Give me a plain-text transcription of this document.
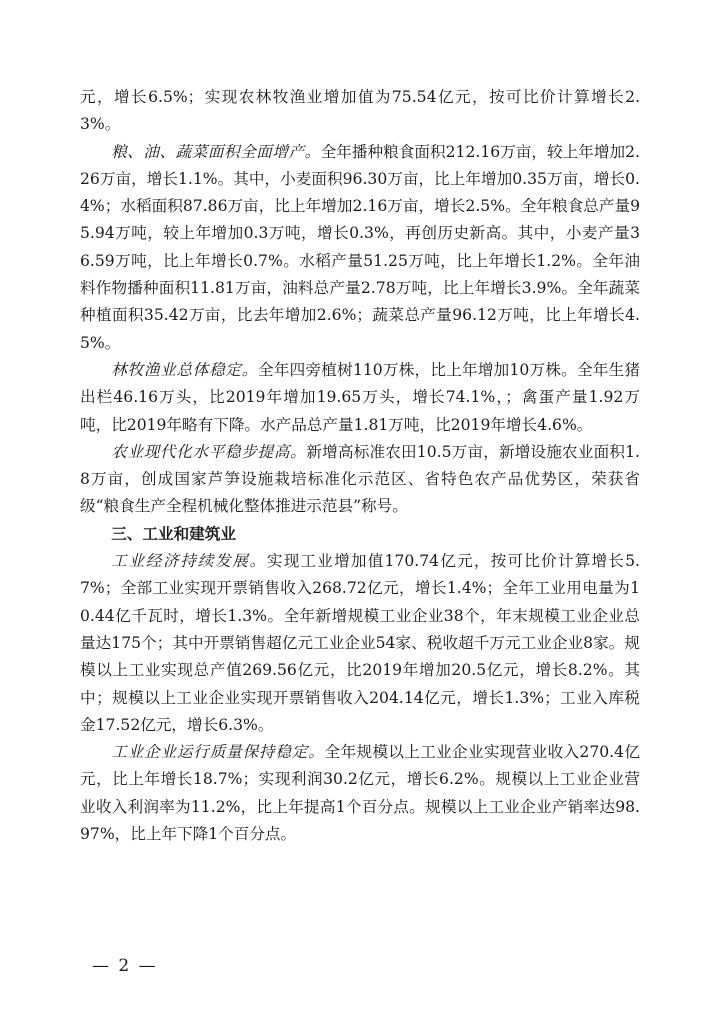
元，增长6.5%；实现农林牧渔业增加值为75.54亿元，按可比价计算增长2.3%。

粮、油、蔬菜面积全面增产。全年播种粮食面积212.16万亩，较上年增加2.26万亩，增长1.1%。其中，小麦面积96.30万亩，比上年增加0.35万亩，增长0.4%；水稻面积87.86万亩，比上年增加2.16万亩，增长2.5%。全年粮食总产量95.94万吨，较上年增加0.3万吨，增长0.3%，再创历史新高。其中，小麦产量36.59万吨，比上年增长0.7%。水稻产量51.25万吨，比上年增长1.2%。全年油料作物播种面积11.81万亩，油料总产量2.78万吨，比上年增长3.9%。全年蔬菜种植面积35.42万亩，比去年增加2.6%；蔬菜总产量96.12万吨，比上年增长4.5%。

林牧渔业总体稳定。全年四旁植树110万株，比上年增加10万株。全年生猪出栏46.16万头，比2019年增加19.65万头，增长74.1%，；禽蛋产量1.92万吨，比2019年略有下降。水产品总产量1.81万吨，比2019年增长4.6%。

农业现代化水平稳步提高。新增高标准农田10.5万亩，新增设施农业面积1.8万亩，创成国家芦笋设施栽培标准化示范区、省特色农产品优势区，荣获省级“粮食生产全程机械化整体推进示范县”称号。

三、工业和建筑业

工业经济持续发展。实现工业增加值170.74亿元，按可比价计算增长5.7%；全部工业实现开票销售收入268.72亿元，增长1.4%；全年工业用电量为10.44亿千瓦时，增长1.3%。全年新增规模工业企业38个，年末规模工业企业总量达175个；其中开票销售超亿元工业企业54家、税收超千万元工业企业8家。规模以上工业实现总产值269.56亿元，比2019年增加20.5亿元，增长8.2%。其中；规模以上工业企业实现开票销售收入204.14亿元，增长1.3%；工业入库税金17.52亿元，增长6.3%。

工业企业运行质量保持稳定。全年规模以上工业企业实现营业收入270.4亿元，比上年增长18.7%；实现利润30.2亿元，增长6.2%。规模以上工业企业营业收入利润率为11.2%，比上年提高1个百分点。规模以上工业企业产销率达98.97%，比上年下降1个百分点。

— 2 —
